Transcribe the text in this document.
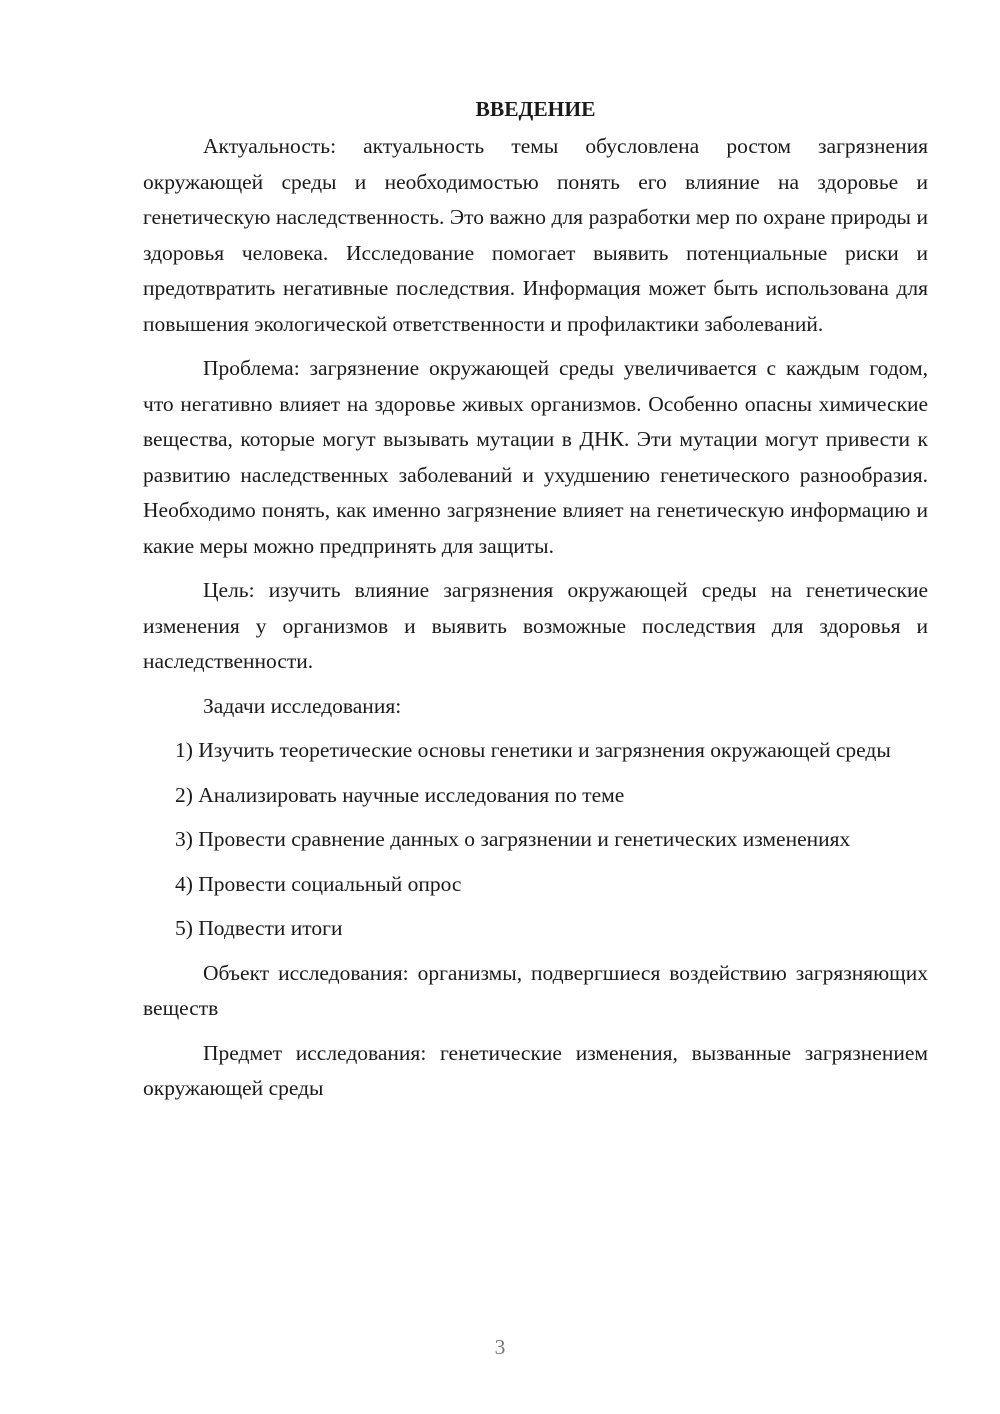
ВВЕДЕНИЕ

Актуальность: актуальность темы обусловлена ростом загрязнения окружающей среды и необходимостью понять его влияние на здоровье и генетическую наследственность. Это важно для разработки мер по охране природы и здоровья человека. Исследование помогает выявить потенциальные риски и предотвратить негативные последствия. Информация может быть использована для повышения экологической ответственности и профилактики заболеваний.

Проблема: загрязнение окружающей среды увеличивается с каждым годом, что негативно влияет на здоровье живых организмов. Особенно опасны химические вещества, которые могут вызывать мутации в ДНК. Эти мутации могут привести к развитию наследственных заболеваний и ухудшению генетического разнообразия. Необходимо понять, как именно загрязнение влияет на генетическую информацию и какие меры можно предпринять для защиты.

Цель: изучить влияние загрязнения окружающей среды на генетические изменения у организмов и выявить возможные последствия для здоровья и наследственности.

Задачи исследования:

1) Изучить теоретические основы генетики и загрязнения окружающей среды
2) Анализировать научные исследования по теме
3) Провести сравнение данных о загрязнении и генетических изменениях
4) Провести социальный опрос
5) Подвести итоги

Объект исследования: организмы, подвергшиеся воздействию загрязняющих веществ

Предмет исследования: генетические изменения, вызванные загрязнением окружающей среды

3
